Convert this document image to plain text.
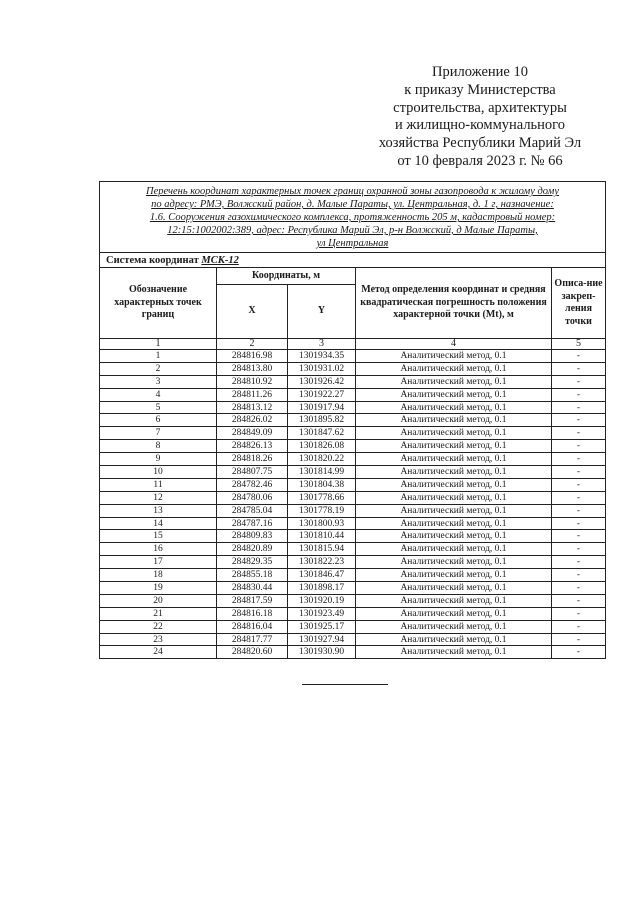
Приложение 10
к приказу Министерства
строительства, архитектуры
и жилищно-коммунального
хозяйства Республики Марий Эл
от 10 февраля 2023 г. № 66
Перечень координат характерных точек границ охранной зоны газопровода к жилому дому
по адресу: РМЭ, Волжский район, д. Малые Параты, ул. Центральная, д. 1 г, назначение:
1.6. Сооружения газохимического комплекса, протяженность 205 м, кадастровый номер:
12:15:1002002:389, адрес: Республика Марий Эл, р-н Волжский, д Малые Параты,
ул Центральная				

Система координат МСК-12				
Обозначение характерных точек границ	Координаты, м		Метод определения координат и средняя квадратическая погрешность положения характерной точки (Mt), м	Описа-ние закреп-ления точки
	X	Y		
1	2	3	4	5
1	284816.98	1301934.35	Аналитический метод, 0.1	-
2	284813.80	1301931.02	Аналитический метод, 0.1	-
3	284810.92	1301926.42	Аналитический метод, 0.1	-
4	284811.26	1301922.27	Аналитический метод, 0.1	-
5	284813.12	1301917.94	Аналитический метод, 0.1	-
6	284826.02	1301895.82	Аналитический метод, 0.1	-
7	284849.09	1301847.62	Аналитический метод, 0.1	-
8	284826.13	1301826.08	Аналитический метод, 0.1	-
9	284818.26	1301820.22	Аналитический метод, 0.1	-
10	284807.75	1301814.99	Аналитический метод, 0.1	-
11	284782.46	1301804.38	Аналитический метод, 0.1	-
12	284780.06	1301778.66	Аналитический метод, 0.1	-
13	284785.04	1301778.19	Аналитический метод, 0.1	-
14	284787.16	1301800.93	Аналитический метод, 0.1	-
15	284809.83	1301810.44	Аналитический метод, 0.1	-
16	284820.89	1301815.94	Аналитический метод, 0.1	-
17	284829.35	1301822.23	Аналитический метод, 0.1	-
18	284855.18	1301846.47	Аналитический метод, 0.1	-
19	284830.44	1301898.17	Аналитический метод, 0.1	-
20	284817.59	1301920.19	Аналитический метод, 0.1	-
21	284816.18	1301923.49	Аналитический метод, 0.1	-
22	284816.04	1301925.17	Аналитический метод, 0.1	-
23	284817.77	1301927.94	Аналитический метод, 0.1	-
24	284820.60	1301930.90	Аналитический метод, 0.1	-
